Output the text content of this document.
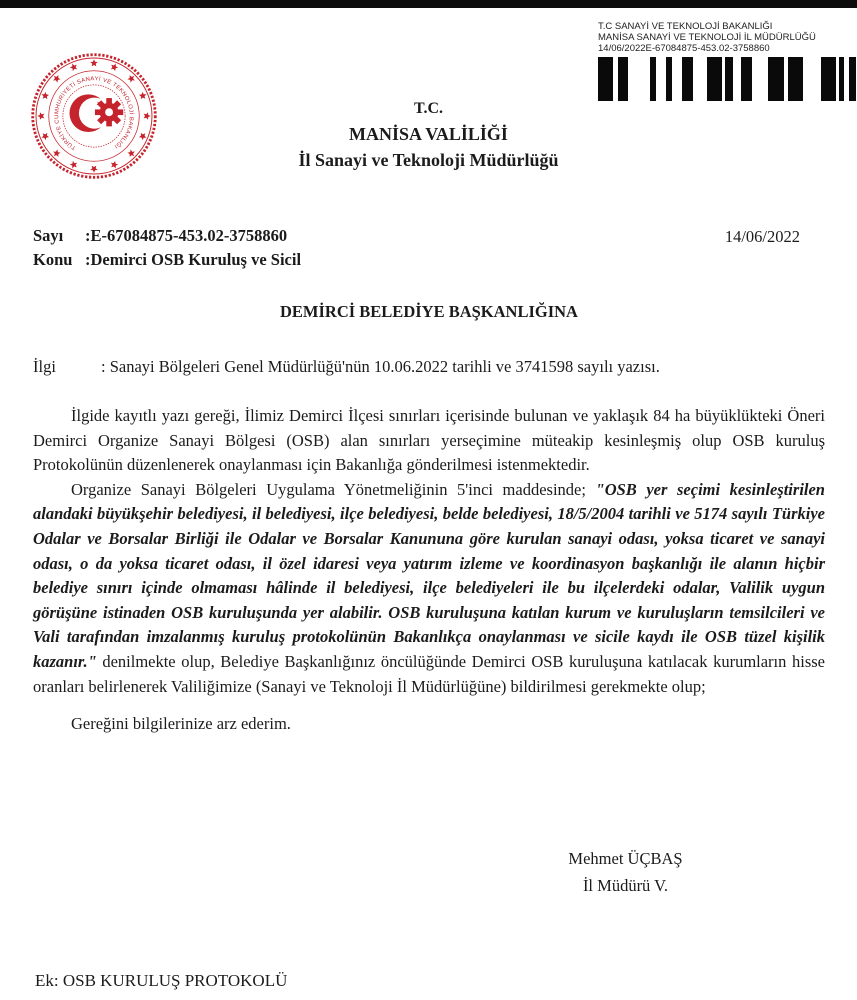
TÜRKİYE CUMHURİYETİ SANAYİ VE TEKNOLOJİ BAKANLIĞI
T.C.
MANİSA VALİLİĞİ
İl Sanayi ve Teknoloji Müdürlüğü
T.C SANAYİ VE TEKNOLOJİ BAKANLIĞI
MANİSA SANAYİ VE TEKNOLOJİ İL MÜDÜRLÜĞÜ
14/06/2022E-67084875-453.02-3758860
Sayı	:E-67084875-453.02-3758860
Konu :Demirci OSB Kuruluş ve Sicil
14/06/2022
DEMİRCİ BELEDİYE BAŞKANLIĞINA
İlgi	: Sanayi Bölgeleri Genel Müdürlüğü'nün 10.06.2022 tarihli ve 3741598 sayılı yazısı.

İlgide kayıtlı yazı gereği, İlimiz Demirci İlçesi sınırları içerisinde bulunan ve yaklaşık 84 ha büyüklükteki Öneri Demirci Organize Sanayi Bölgesi (OSB) alan sınırları yerseçimine müteakip kesinleşmiş olup OSB kuruluş Protokolünün düzenlenerek onaylanması için Bakanlığa gönderilmesi istenmektedir.

Organize Sanayi Bölgeleri Uygulama Yönetmeliğinin 5'inci maddesinde; "OSB yer seçimi kesinleştirilen alandaki büyükşehir belediyesi, il belediyesi, ilçe belediyesi, belde belediyesi, 18/5/2004 tarihli ve 5174 sayılı Türkiye Odalar ve Borsalar Birliği ile Odalar ve Borsalar Kanununa göre kurulan sanayi odası, yoksa ticaret ve sanayi odası, o da yoksa ticaret odası, il özel idaresi veya yatırım izleme ve koordinasyon başkanlığı ile alanın hiçbir belediye sınırı içinde olmaması hâlinde il belediyesi, ilçe belediyeleri ile bu ilçelerdeki odalar, Valilik uygun görüşüne istinaden OSB kuruluşunda yer alabilir. OSB kuruluşuna katılan kurum ve kuruluşların temsilcileri ve Vali tarafından imzalanmış kuruluş protokolünün Bakanlıkça onaylanması ve sicile kaydı ile OSB tüzel kişilik kazanır." denilmekte olup, Belediye Başkanlığınız öncülüğünde Demirci OSB kuruluşuna katılacak kurumların hisse oranları belirlenerek Valiliğimize (Sanayi ve Teknoloji İl Müdürlüğüne) bildirilmesi gerekmekte olup;

Gereğini bilgilerinize arz ederim.

Mehmet ÜÇBAŞ
İl Müdürü V.
Ek: OSB KURULUŞ PROTOKOLÜ
